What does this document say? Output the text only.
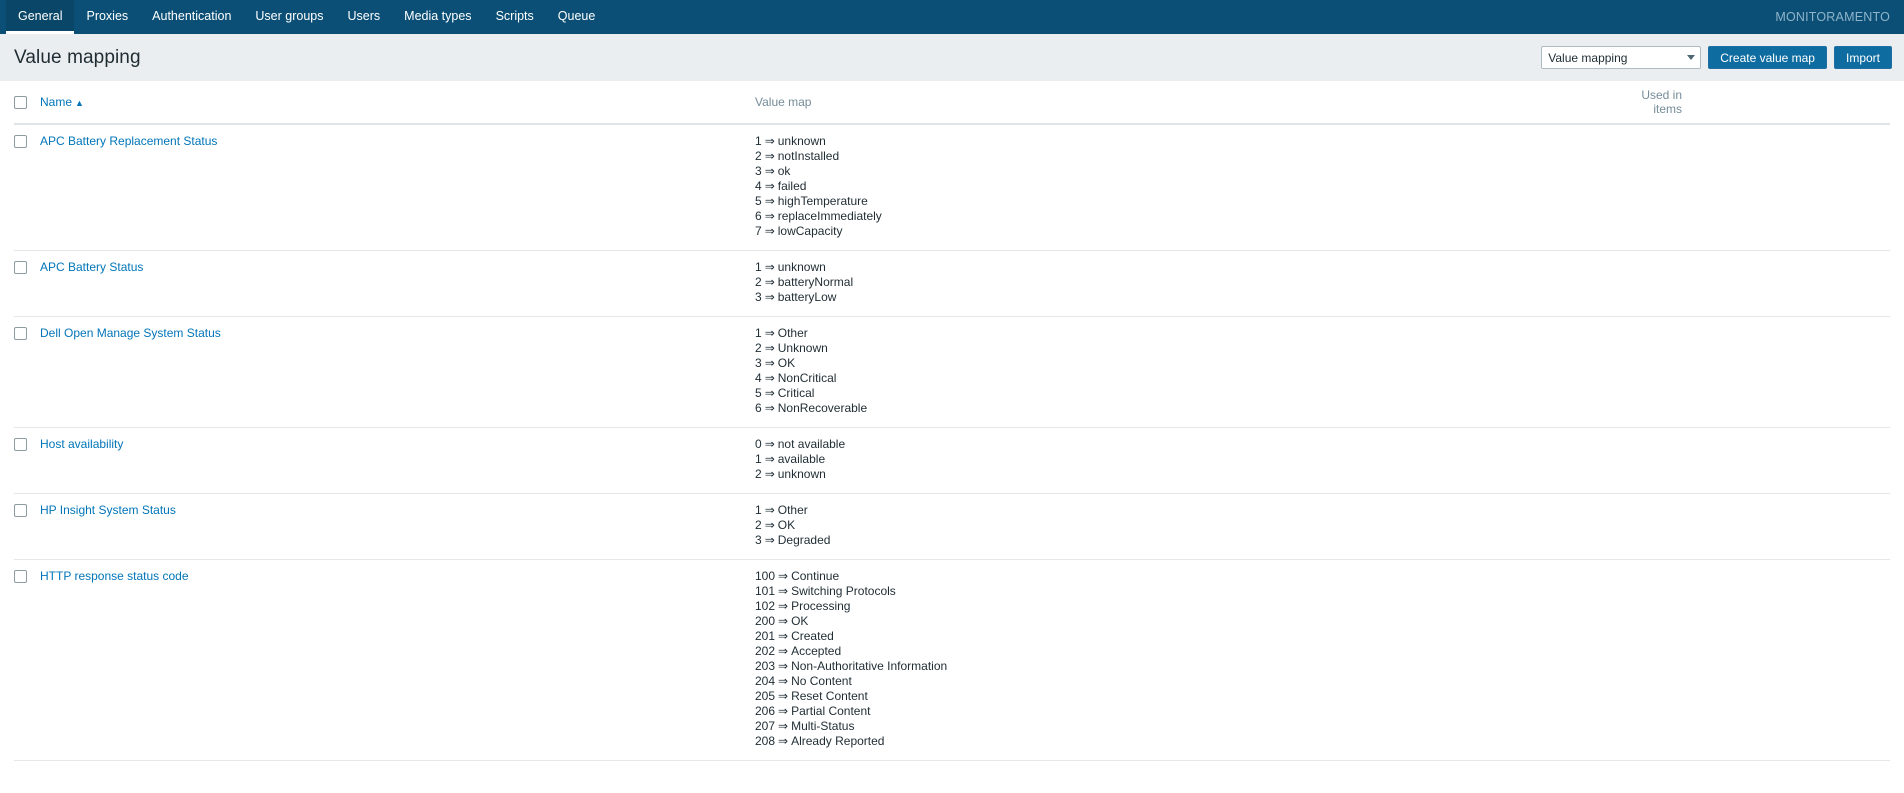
General Proxies Authentication User groups Users Media types Scripts Queue	MONITORAMENTO
Value mapping	Value mapping	Create value map	Import
	Name ▲	Value map	Used in items
	APC Battery Replacement Status	1 ⇒ unknown
2 ⇒ notInstalled
3 ⇒ ok
4 ⇒ failed
5 ⇒ highTemperature
6 ⇒ replaceImmediately
7 ⇒ lowCapacity

	APC Battery Status	1 ⇒ unknown
2 ⇒ batteryNormal
3 ⇒ batteryLow	

	Dell Open Manage System Status	1 ⇒ Other
2 ⇒ Unknown
3 ⇒ OK
4 ⇒ NonCritical
5 ⇒ Critical
6 ⇒ NonRecoverable

	Host availability	0 ⇒ not available
1 ⇒ available
2 ⇒ unknown	

	HP Insight System Status	1 ⇒ Other
2 ⇒ OK
3 ⇒ Degraded	

	HTTP response status code	100 ⇒ Continue
101 ⇒ Switching Protocols
102 ⇒ Processing
200 ⇒ OK
201 ⇒ Created
202 ⇒ Accepted
203 ⇒ Non-Authoritative Information
204 ⇒ No Content
205 ⇒ Reset Content
206 ⇒ Partial Content
207 ⇒ Multi-Status
208 ⇒ Already Reported
